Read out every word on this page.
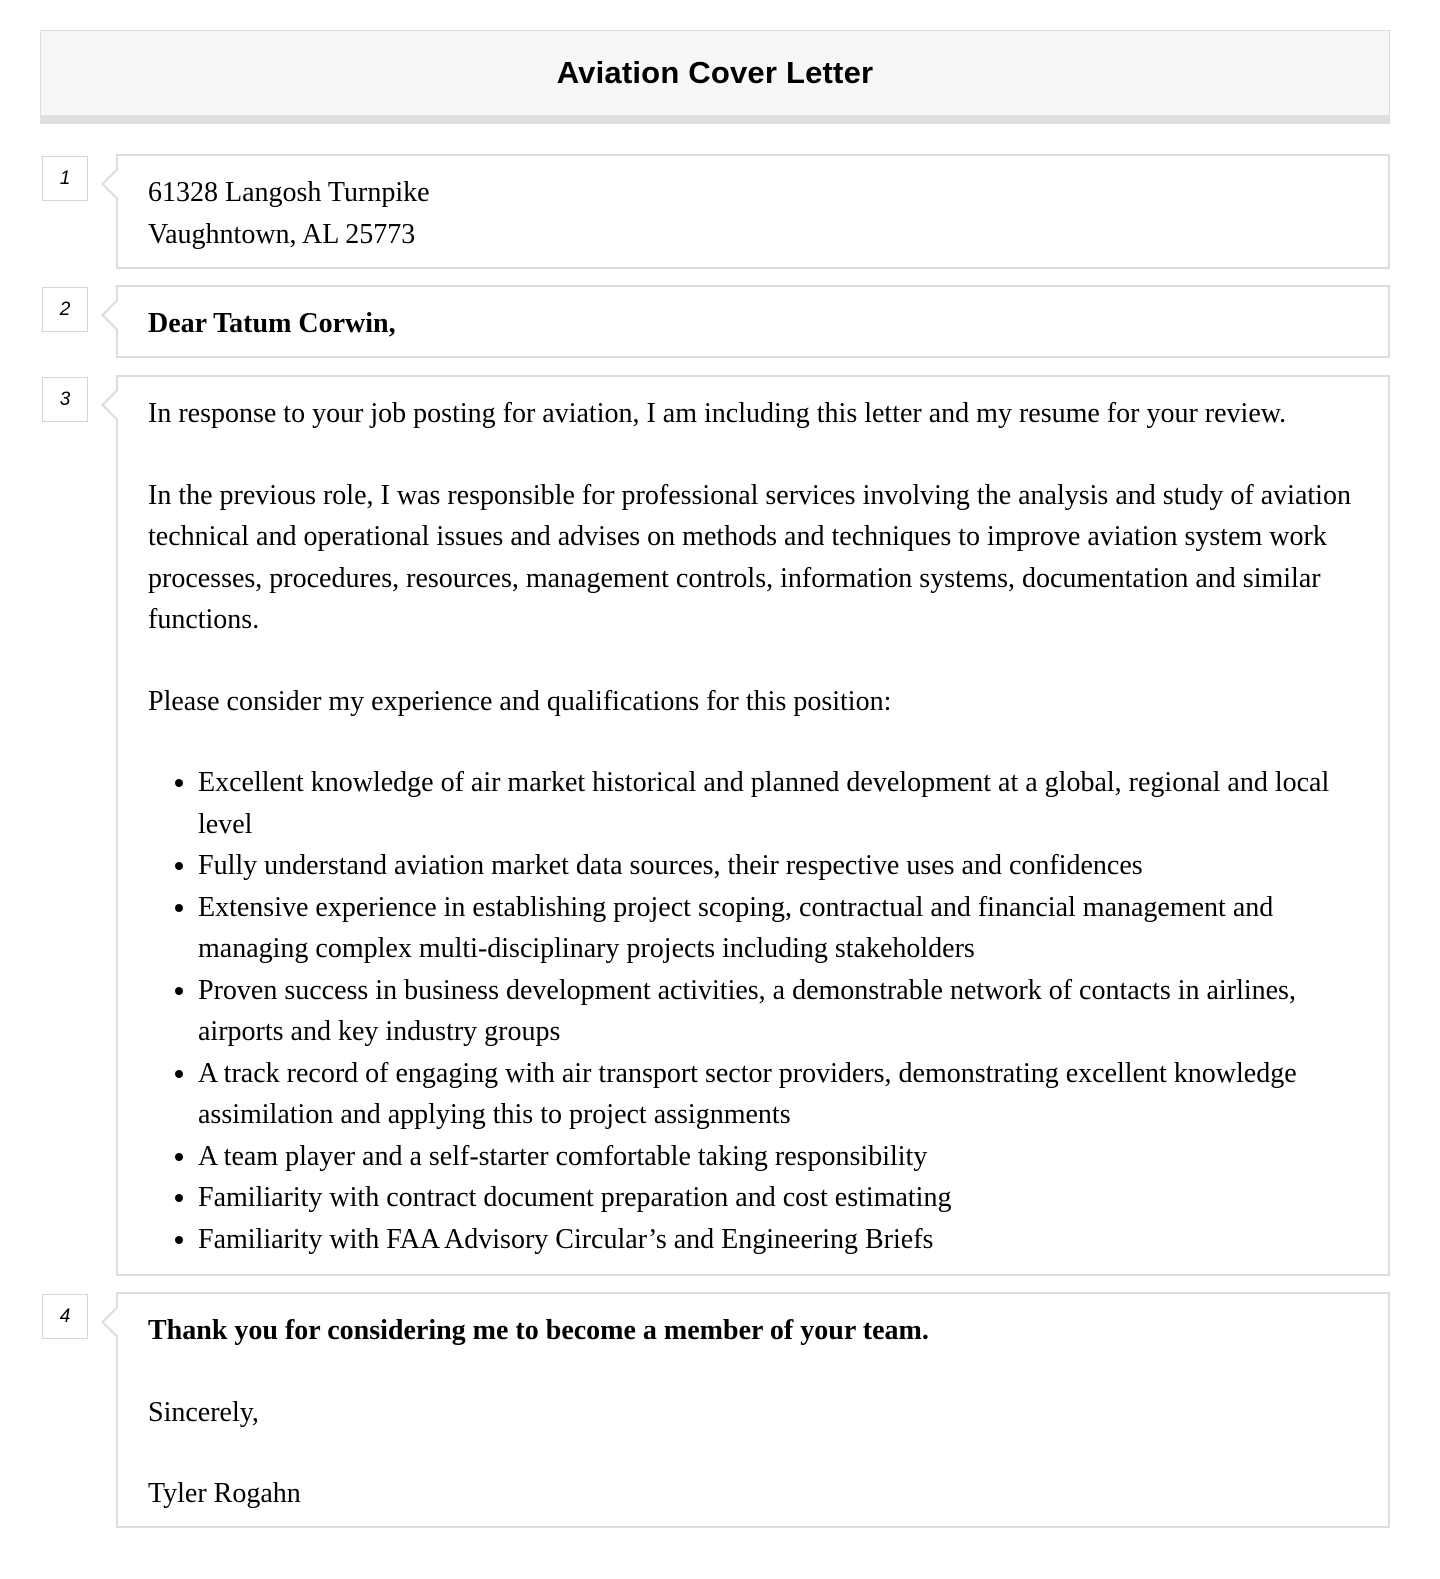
Aviation Cover Letter
1	61328 Langosh Turnpike

Vaughntown, AL 25773

2	Dear Tatum Corwin,

3	In response to your job posting for aviation, I am including this letter and my resume for your review.

In the previous role, I was responsible for professional services involving the analysis and study of aviation technical and operational issues and advises on methods and techniques to improve aviation system work processes, procedures, resources, management controls, information systems, documentation and similar functions.

Please consider my experience and qualifications for this position:

• Excellent knowledge of air market historical and planned development at a global, regional and local level
• Fully understand aviation market data sources, their respective uses and confidences
• Extensive experience in establishing project scoping, contractual and financial management and managing complex multi-disciplinary projects including stakeholders
• Proven success in business development activities, a demonstrable network of contacts in airlines, airports and key industry groups
• A track record of engaging with air transport sector providers, demonstrating excellent knowledge assimilation and applying this to project assignments
• A team player and a self-starter comfortable taking responsibility
• Familiarity with contract document preparation and cost estimating
• Familiarity with FAA Advisory Circular’s and Engineering Briefs
4	Thank you for considering me to become a member of your team.

Sincerely,

Tyler Rogahn
